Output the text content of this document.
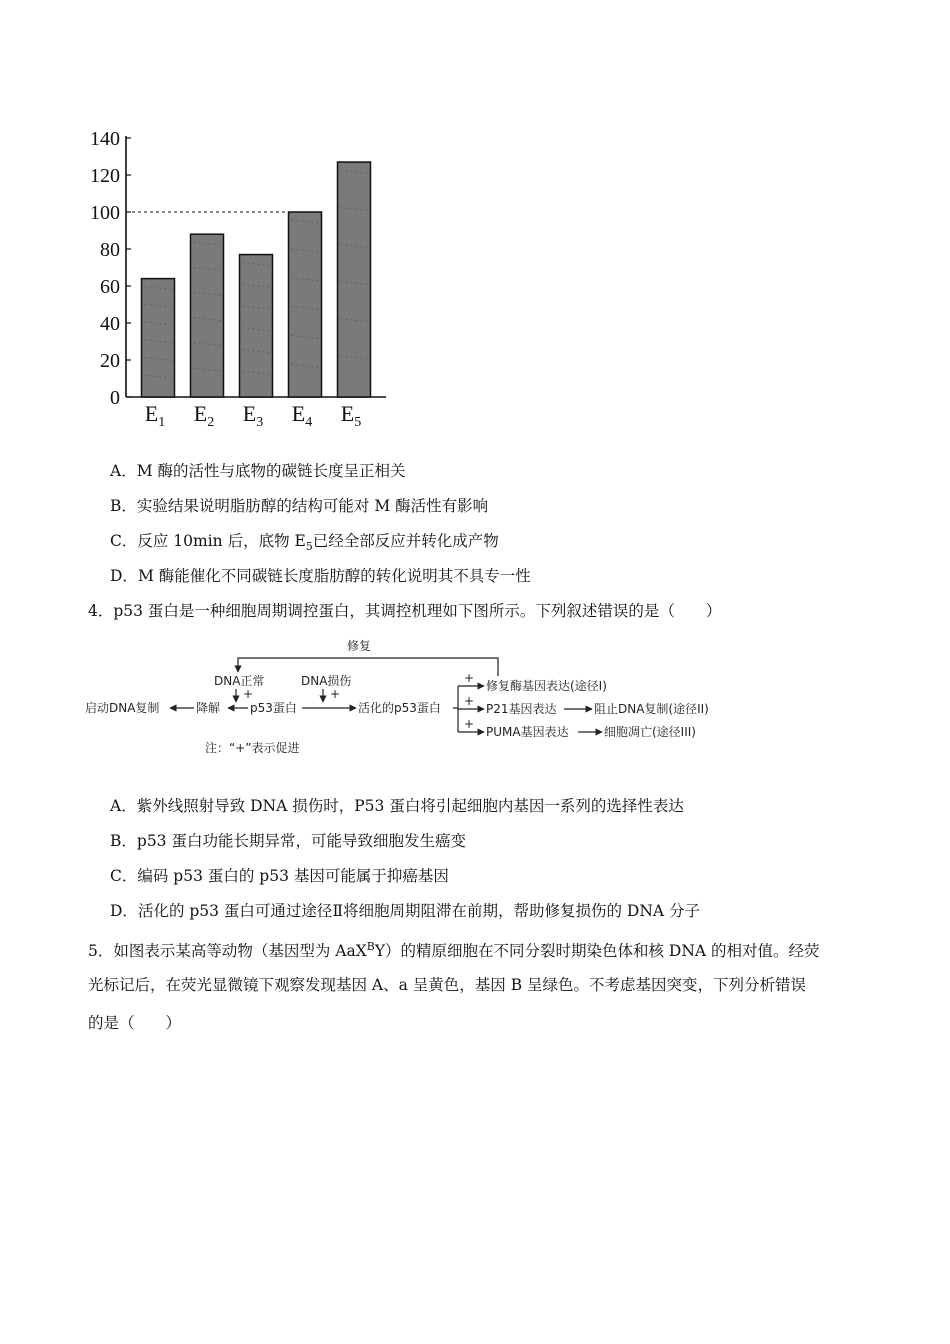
0
20
40
60
80
100
120
140
$E_1$ $E_2$ $E_3$ $E_4$ $E_5$
A．M 酶的活性与底物的碳链长度呈正相关
B．实验结果说明脂肪醇的结构可能对 M 酶活性有影响
C．反应 10min 后，底物 $E_5$已经全部反应并转化成产物
D．M 酶能催化不同碳链长度脂肪醇的转化说明其不具专一性
4．p53 蛋白是一种细胞周期调控蛋白，其调控机理如下图所示。下列叙述错误的是（　　）
修复
DNA正常	DNA损伤
+	+
启动DNA复制	降解 p53蛋白	活化的p53蛋白
+
修复酶基因表达(途径I)
+
P21基因表达	阻止DNA复制(途径II)
+
PUMA基因表达	细胞凋亡(途径III)
注：“+”表示促进
A．紫外线照射导致 DNA 损伤时，P53 蛋白将引起细胞内基因一系列的选择性表达
B．p53 蛋白功能长期异常，可能导致细胞发生癌变
C．编码 p53 蛋白的 p53 基因可能属于抑癌基因
D．活化的 p53 蛋白可通过途径Ⅱ将细胞周期阻滞在前期，帮助修复损伤的 DNA 分子
5．如图表示某高等动物（基因型为 AaX$^B$Y）的精原细胞在不同分裂时期染色体和核 DNA 的相对值。经荧
光标记后，在荧光显微镜下观察发现基因 A、a 呈黄色，基因 B 呈绿色。不考虑基因突变，下列分析错误
的是（　　）
